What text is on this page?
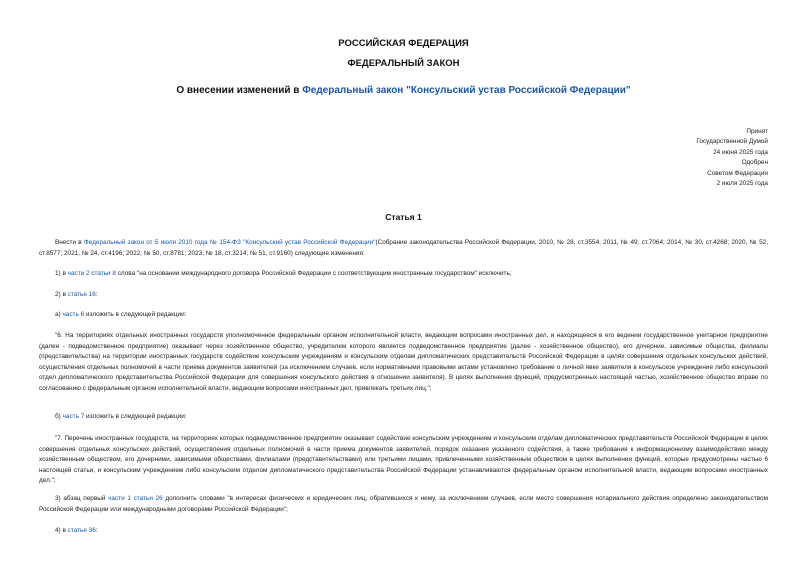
РОССИЙСКАЯ ФЕДЕРАЦИЯ
ФЕДЕРАЛЬНЫЙ ЗАКОН
О внесении изменений в Федеральный закон "Консульский устав Российской Федерации"
Принят
Государственной Думой
24 июня 2025 года
Одобрен
Советом Федерации
2 июля 2025 года
Статья 1

Внести в Федеральный закон от 5 июля 2010 года № 154-ФЗ "Консульский устав Российской Федерации"(Собрание законодательства Российской Федерации, 2010, № 28, ст.3554; 2011, № 49, ст.7064; 2014, № 30, ст.4268; 2020, № 52, ст.8577; 2021, № 24, ст.4196; 2022, № 50, ст.8781; 2023, № 18, ст.3214; № 51, ст.9160) следующие изменения:

1) в части 2 статьи 8 слова "на основании международного договора Российской Федерации с соответствующим иностранным государством" исключить;

2) в статье 16:

а) часть 6 изложить в следующей редакции:

"6. На территориях отдельных иностранных государств уполномоченное федеральным органом исполнительной власти, ведающим вопросами иностранных дел, и находящееся в его ведении государственное унитарное предприятие (далее - подведомственное предприятие) оказывает через хозяйственное общество, учредителем которого является подведомственное предприятие (далее - хозяйственное общество), его дочерние, зависимые общества, филиалы (представительства) на территории иностранных государств содействие консульским учреждениям и консульским отделам дипломатических представительств Российской Федерации в целях совершения отдельных консульских действий, осуществления отдельных полномочий в части приема документов заявителей (за исключением случаев, если нормативными правовыми актами установлено требование о личной явке заявителя в консульское учреждение либо консульский отдел дипломатического представительства Российской Федерации для совершения консульского действия в отношении заявителя). В целях выполнения функций, предусмотренных настоящей частью, хозяйственное общество вправе по согласованию с федеральным органом исполнительной власти, ведающим вопросами иностранных дел, привлекать третьих лиц.";

б) часть 7 изложить в следующей редакции:

"7. Перечень иностранных государств, на территориях которых подведомственное предприятие оказывает содействие консульским учреждениям и консульским отделам дипломатических представительств Российской Федерации в целях совершения отдельных консульских действий, осуществления отдельных полномочий в части приема документов заявителей, порядок оказания указанного содействия, а также требования к информационному взаимодействию между хозяйственным обществом, его дочерними, зависимыми обществами, филиалами (представительствами) или третьими лицами, привлеченными хозяйственным обществом в целях выполнения функций, которые предусмотрены частью 6 настоящей статьи, и консульским учреждением либо консульским отделом дипломатического представительства Российской Федерации устанавливаются федеральным органом исполнительной власти, ведающим вопросами иностранных дел.";

3) абзац первый части 1 статьи 26 дополнить словами "в интересах физических и юридических лиц, обратившихся к нему, за исключением случаев, если место совершения нотариального действия определено законодательством Российской Федерации или международными договорами Российской Федерации";

4) в статье 36:
